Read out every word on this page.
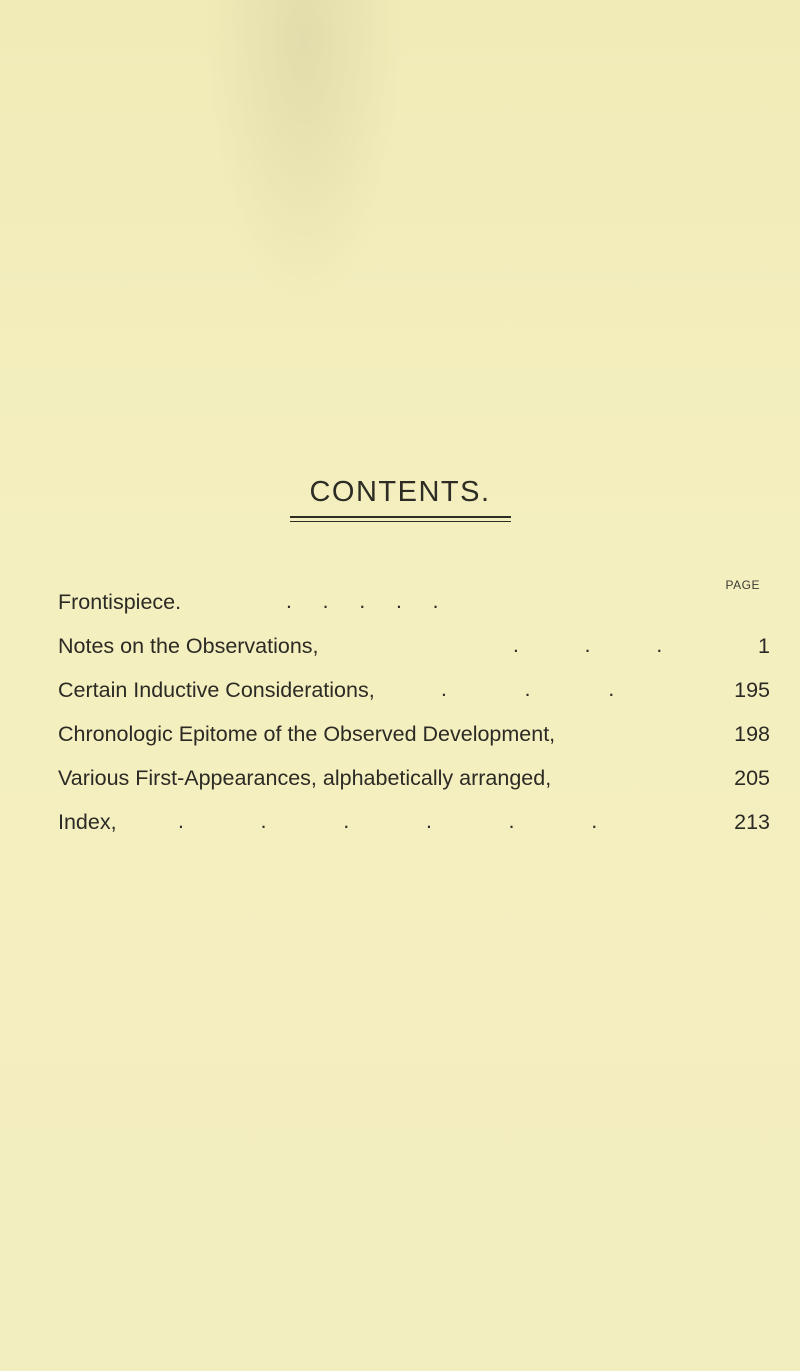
CONTENTS.
PAGE
Frontispiece.	. . . . .
Notes on the Observations,	. . .	1
Certain Inductive Considerations,	. . .	195
Chronologic Epitome of the Observed Development,	198
Various First-Appearances, alphabetically arranged,	205
Index,	. . . . . .	213
